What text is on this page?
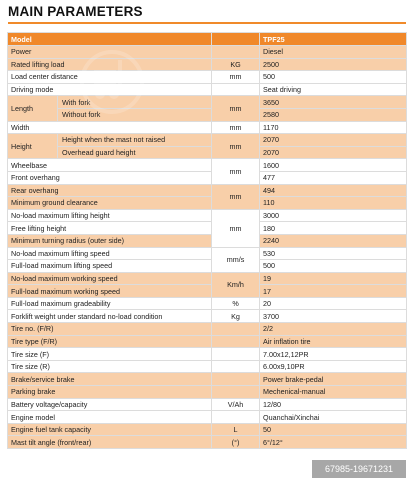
MAIN PARAMETERS
Model			TPF25
Power			Diesel
Rated lifting load		KG	2500
Load center distance		mm	500
Driving mode			Seat driving
Length	With fork	mm	3650
	Without fork		2580
Width		mm	1170
Height	Height when the mast not raised	mm	2070
	Overhead guard height		2070
Wheelbase		mm	1600
Front overhang			477
Rear overhang		mm	494
Minimum ground clearance			110
No-load maximum lifting height		mm	3000
Free lifting height			180
Minimum turning radius (outer side)			2240
No-load maximum lifting speed		mm/s	530
Full-load maximum lifting speed			500
No-load maximum working speed		Km/h	19
Full-load maximum working speed			17
Full-load maximum gradeability		%	20
Forklift weight under standard no-load condition		Kg	3700
Tire no. (F/R)			2/2
Tire type (F/R)			Air inflation tire
Tire size (F)			7.00x12,12PR
Tire size (R)			6.00x9,10PR
Brake/service brake			Power brake-pedal
Parking brake			Mechenical-manual
Battery voltage/capacity		V/Ah	12/80
Engine model			Quanchai/Xinchai
Engine fuel tank capacity		L	50
Mast tilt angle (front/rear)		(°)	6°/12°
67985-19671231
